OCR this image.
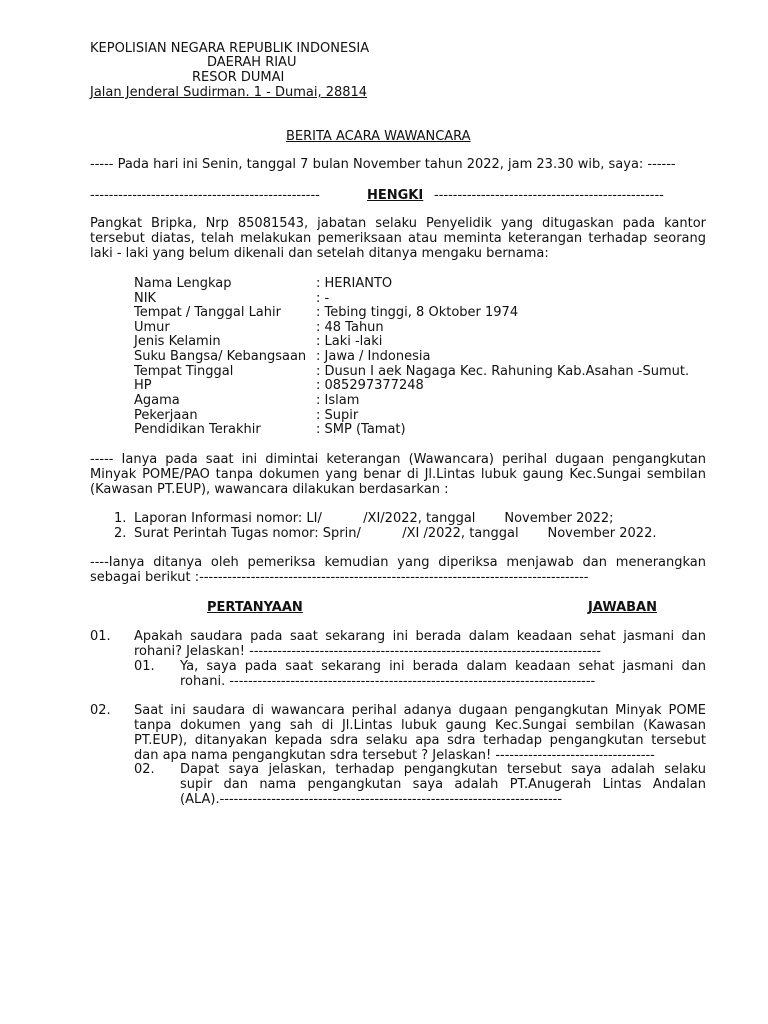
KEPOLISIAN NEGARA REPUBLIK INDONESIA
DAERAH RIAU
RESOR DUMAI
Jalan Jenderal Sudirman. 1 - Dumai, 28814
BERITA ACARA WAWANCARA
----- Pada hari ini Senin, tanggal 7 bulan November tahun 2022, jam 23.30 wib, saya: ------
-------------------------------------------------	HENGKI -------------------------------------------------
Pangkat Bripka, Nrp 85081543, jabatan selaku Penyelidik yang ditugaskan pada kantor
tersebut diatas, telah melakukan pemeriksaan atau meminta keterangan terhadap seorang
laki - laki yang belum dikenali dan setelah ditanya mengaku bernama:
Nama Lengkap	: HERIANTO
NIK	: -
Tempat / Tanggal Lahir	: Tebing tinggi, 8 Oktober 1974
Umur	: 48 Tahun
Jenis Kelamin	: Laki -laki
Suku Bangsa/ Kebangsaan : Jawa / Indonesia
Tempat Tinggal	: Dusun I aek Nagaga Kec. Rahuning Kab.Asahan -Sumut.
HP	: 085297377248
Agama	: Islam
Pekerjaan	: Supir
Pendidikan Terakhir	: SMP (Tamat)
----- Ianya pada saat ini dimintai keterangan (Wawancara) perihal dugaan pengangkutan
Minyak POME/PAO tanpa dokumen yang benar di Jl.Lintas lubuk gaung Kec.Sungai sembilan
(Kawasan PT.EUP), wawancara dilakukan berdasarkan :
1. Laporan Informasi nomor: LI/          /XI/2022, tanggal       November 2022;
2. Surat Perintah Tugas nomor: Sprin/          /XI /2022, tanggal       November 2022.
----Ianya ditanya oleh pemeriksa kemudian yang diperiksa menjawab dan menerangkan
sebagai berikut :-----------------------------------------------------------------------------------
PERTANYAAN	JAWABAN
01. Apakah saudara pada saat sekarang ini berada dalam keadaan sehat jasmani dan
rohani? Jelaskan! ---------------------------------------------------------------------------
01. Ya, saya pada saat sekarang ini berada dalam keadaan sehat jasmani dan
rohani. ------------------------------------------------------------------------------
02. Saat ini saudara di wawancara perihal adanya dugaan pengangkutan Minyak POME
tanpa dokumen yang sah di Jl.Lintas lubuk gaung Kec.Sungai sembilan (Kawasan
PT.EUP), ditanyakan kepada sdra selaku apa sdra terhadap pengangkutan tersebut
dan apa nama pengangkutan sdra tersebut ? Jelaskan! ----------------------------------
02. Dapat saya jelaskan, terhadap pengangkutan tersebut saya adalah selaku
supir dan nama pengangkutan saya adalah PT.Anugerah Lintas Andalan
(ALA).-------------------------------------------------------------------------
